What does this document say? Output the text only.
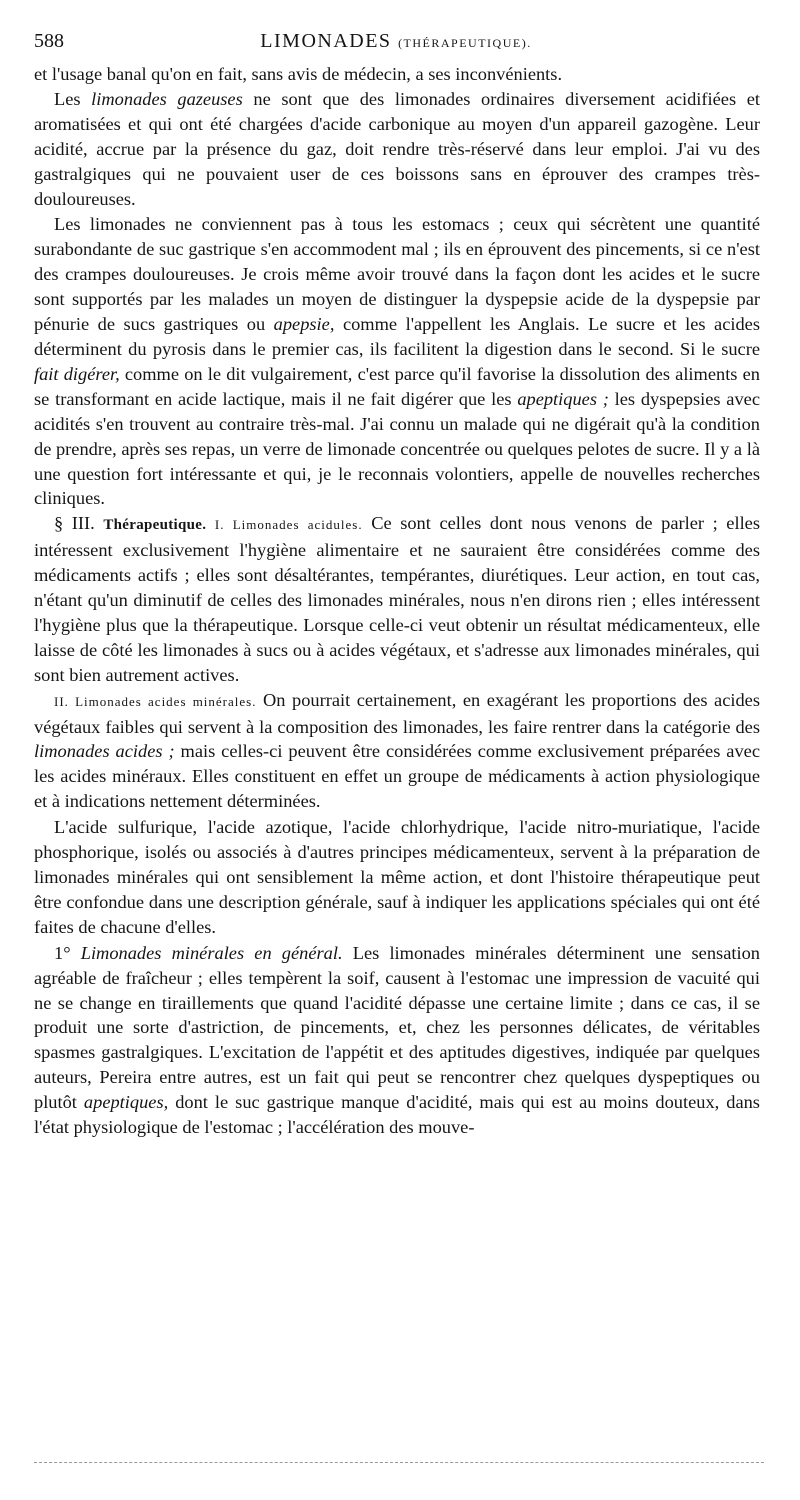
588	LIMONADES (THÉRAPEUTIQUE).

et l'usage banal qu'on en fait, sans avis de médecin, a ses inconvénients.

Les limonades gazeuses ne sont que des limonades ordinaires diversement acidifiées et aromatisées et qui ont été chargées d'acide carbonique au moyen d'un appareil gazogène. Leur acidité, accrue par la présence du gaz, doit rendre très-réservé dans leur emploi. J'ai vu des gastralgiques qui ne pouvaient user de ces boissons sans en éprouver des crampes très-douloureuses.

Les limonades ne conviennent pas à tous les estomacs ; ceux qui sécrètent une quantité surabondante de suc gastrique s'en accommodent mal ; ils en éprouvent des pincements, si ce n'est des crampes douloureuses. Je crois même avoir trouvé dans la façon dont les acides et le sucre sont supportés par les malades un moyen de distinguer la dyspepsie acide de la dyspepsie par pénurie de sucs gastriques ou apepsie, comme l'appellent les Anglais. Le sucre et les acides déterminent du pyrosis dans le premier cas, ils facilitent la digestion dans le second. Si le sucre fait digérer, comme on le dit vulgairement, c'est parce qu'il favorise la dissolution des aliments en se transformant en acide lactique, mais il ne fait digérer que les apeptiques ; les dyspepsies avec acidités s'en trouvent au contraire très-mal. J'ai connu un malade qui ne digérait qu'à la condition de prendre, après ses repas, un verre de limonade concentrée ou quelques pelotes de sucre. Il y a là une question fort intéressante et qui, je le reconnais volontiers, appelle de nouvelles recherches cliniques.

§ III. Thérapeutique. I. Limonades acidules. Ce sont celles dont nous venons de parler ; elles intéressent exclusivement l'hygiène alimentaire et ne sauraient être considérées comme des médicaments actifs ; elles sont désaltérantes, tempérantes, diurétiques. Leur action, en tout cas, n'étant qu'un diminutif de celles des limonades minérales, nous n'en dirons rien ; elles intéressent l'hygiène plus que la thérapeutique. Lorsque celle-ci veut obtenir un résultat médicamenteux, elle laisse de côté les limonades à sucs ou à acides végétaux, et s'adresse aux limonades minérales, qui sont bien autrement actives.

II. Limonades acides minérales. On pourrait certainement, en exagérant les proportions des acides végétaux faibles qui servent à la composition des limonades, les faire rentrer dans la catégorie des limonades acides ; mais celles-ci peuvent être considérées comme exclusivement préparées avec les acides minéraux. Elles constituent en effet un groupe de médicaments à action physiologique et à indications nettement déterminées.

L'acide sulfurique, l'acide azotique, l'acide chlorhydrique, l'acide nitro-muriatique, l'acide phosphorique, isolés ou associés à d'autres principes médicamenteux, servent à la préparation de limonades minérales qui ont sensiblement la même action, et dont l'histoire thérapeutique peut être confondue dans une description générale, sauf à indiquer les applications spéciales qui ont été faites de chacune d'elles.

1° Limonades minérales en général. Les limonades minérales déterminent une sensation agréable de fraîcheur ; elles tempèrent la soif, causent à l'estomac une impression de vacuité qui ne se change en tiraillements que quand l'acidité dépasse une certaine limite ; dans ce cas, il se produit une sorte d'astriction, de pincements, et, chez les personnes délicates, de véritables spasmes gastralgiques. L'excitation de l'appétit et des aptitudes digestives, indiquée par quelques auteurs, Pereira entre autres, est un fait qui peut se rencontrer chez quelques dyspeptiques ou plutôt apeptiques, dont le suc gastrique manque d'acidité, mais qui est au moins douteux, dans l'état physiologique de l'estomac ; l'accélération des mouve-
